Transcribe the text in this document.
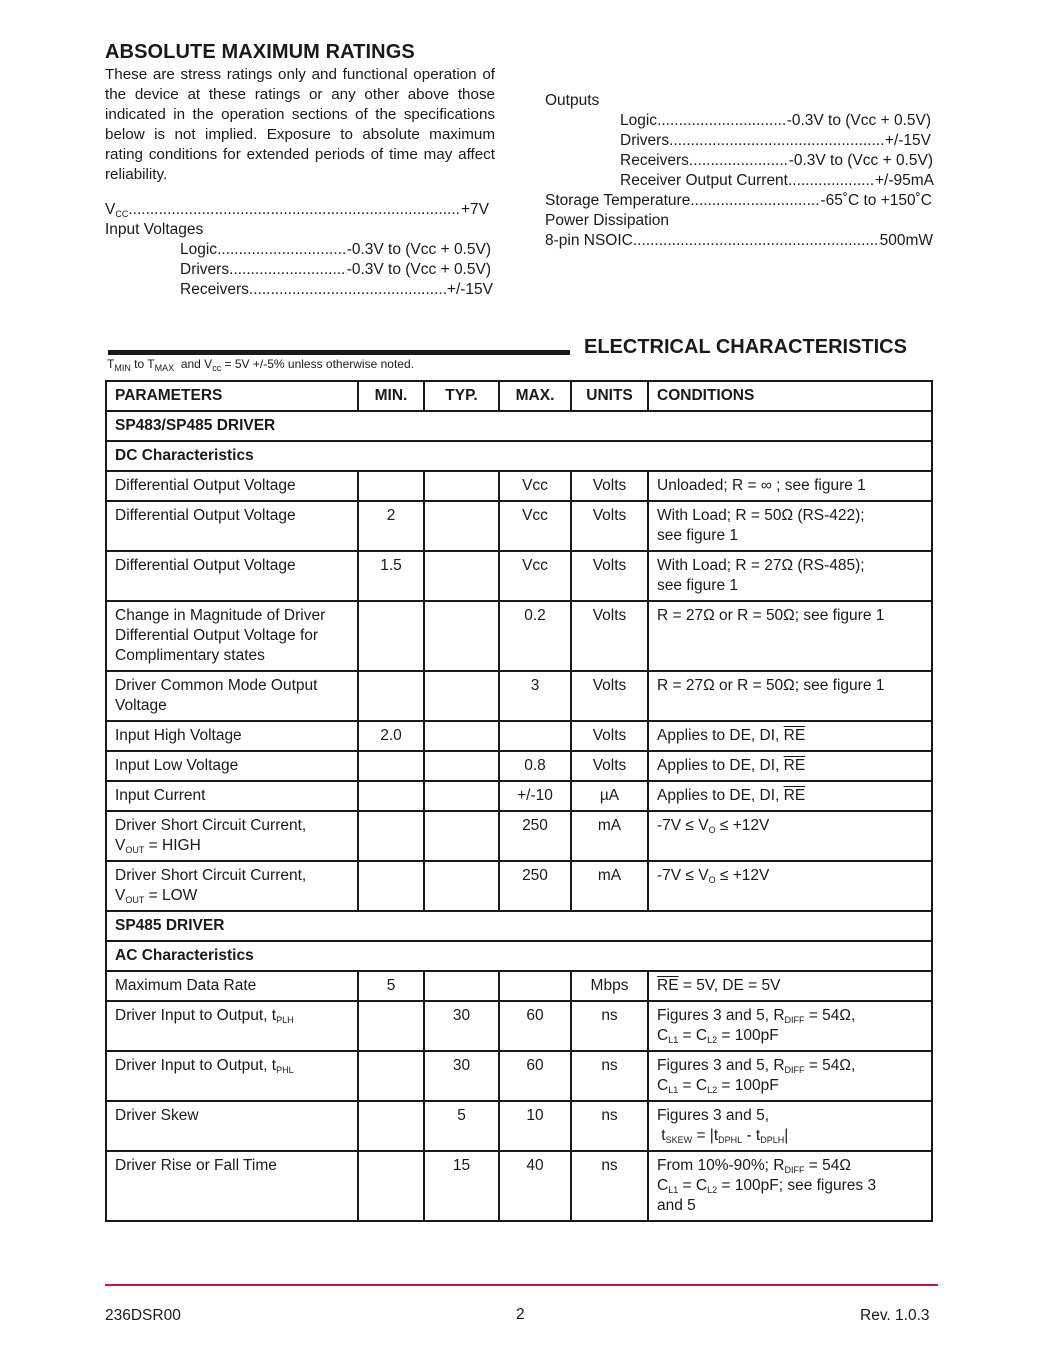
ABSOLUTE MAXIMUM RATINGS
These are stress ratings only and functional operation of the device at these ratings or any other above those indicated in the operation sections of the specifications below is not implied. Exposure to absolute maximum rating conditions for extended periods of time may affect reliability.
$V_{CC}$ .....	+7V
Input Voltages
Logic .....	-0.3V to (Vcc + 0.5V)
Drivers .....	-0.3V to (Vcc + 0.5V)
Receivers .....	+/-15V
Outputs
Logic .....	-0.3V to (Vcc + 0.5V)
Drivers .....	+/-15V
Receivers .....	-0.3V to (Vcc + 0.5V)
Receiver Output Current .....	+/-95mA
Storage Temperature .....	-65˚C to +150˚C
Power Dissipation
8-pin NSOIC .....	500mW
ELECTRICAL CHARACTERISTICS
$T_{MIN}$ to $T_{MAX}$  and $V_{cc} = 5V +/-5\%$ unless otherwise noted.
PARAMETERS	MIN.	TYP.	MAX.	UNITS	CONDITIONS
SP483/SP485 DRIVER					
DC Characteristics					
Differential Output Voltage			Vcc	Volts	Unloaded; R = ∞ ; see figure 1
Differential Output Voltage	2		Vcc	Volts	With Load; R = 50Ω (RS-422);
see figure 1
Differential Output Voltage	1.5		Vcc	Volts	With Load; R = 27Ω (RS-485);
see figure 1
Change in Magnitude of Driver
Differential Output Voltage for
Complimentary states			0.2	Volts	R = 27Ω or R = 50Ω; see figure 1
Driver Common Mode Output
Voltage			3	Volts	R = 27Ω or R = 50Ω; see figure 1
Input High Voltage	2.0			Volts	Applies to DE, DI, $\overline{RE}$
Input Low Voltage			0.8	Volts	Applies to DE, DI, $\overline{RE}$
Input Current			+/-10	µA	Applies to DE, DI, $\overline{RE}$
Driver Short Circuit Current,
$V_{OUT}$ = HIGH			250	mA	$-7V \le V_O \le +12V$
Driver Short Circuit Current,
$V_{OUT}$ = LOW			250	mA	$-7V \le V_O \le +12V$
SP485 DRIVER					
AC Characteristics					
Maximum Data Rate	5			Mbps	$\overline{RE} = 5V$, DE = 5V
Driver Input to Output, $t_{PLH}$		30	60	ns	Figures 3 and 5, $R_{DIFF} = 54\Omega$,
$C_{L1} = C_{L2} = 100pF$
Driver Input to Output, $t_{PHL}$		30	60	ns	Figures 3 and 5, $R_{DIFF} = 54\Omega$,
$C_{L1} = C_{L2} = 100pF$
Driver Skew		5	10	ns	Figures 3 and 5,
$t_{SKEW} = |t_{DPHL} - t_{DPLH}|$
Driver Rise or Fall Time		15	40	ns	From 10%-90%; $R_{DIFF} = 54\Omega$
$C_{L1} = C_{L2} = 100pF$; see figures 3
and 5
236DSR00	2	Rev. 1.0.3
